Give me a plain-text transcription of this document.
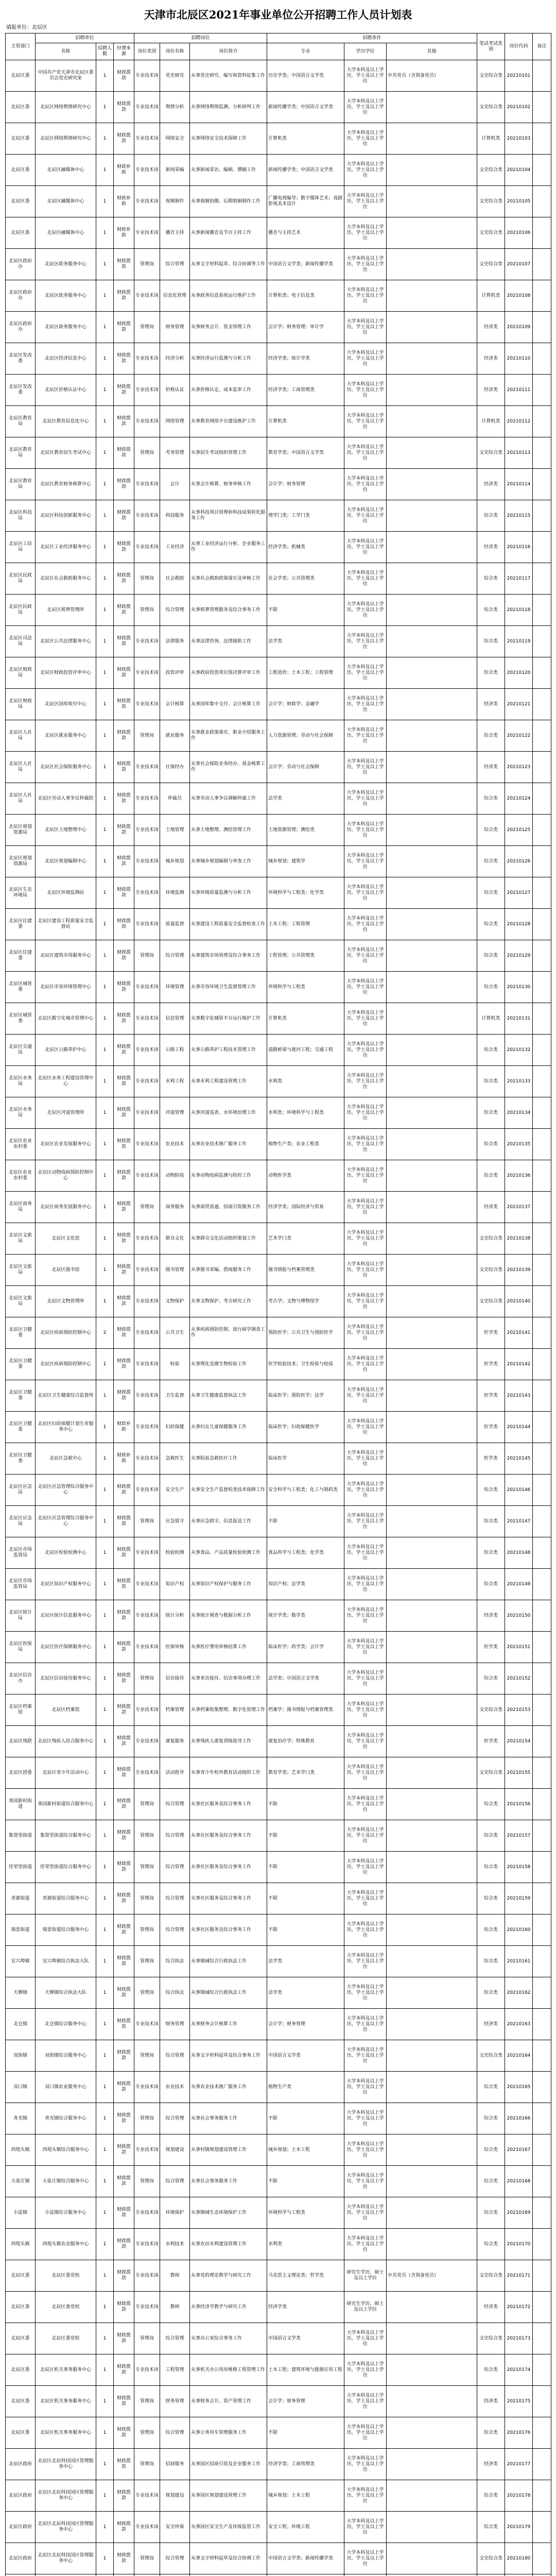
天津市北辰区2021年事业单位公开招聘工作人员计划表
填报单位：北辰区
主管部门	招聘单位			招聘岗位			招聘条件			笔试考试类别	岗位代码	备注
	名称	招聘人数	经费来源	岗位类别	岗位名称	岗位简介	专业	学历学位	其他			
北辰区委	中国共产党天津市北辰区委员会党史研究室	1	财政拨款	专业技术岗	党史研究	从事党史研究、编写和资料征集工作	历史学类；中国语言文学类	大学本科及以上学历，学士及以上学位	中共党员（含预备党员）	文史综合类	20210101	
北辰区委	北辰区网络舆情研究中心	1	财政拨款	专业技术岗	舆情分析	从事网络舆情监测、分析研判工作	新闻传播学类；中国语言文学类	大学本科及以上学历，学士及以上学位		文史综合类	20210102	
北辰区委	北辰区网络舆情研究中心	1	财政拨款	专业技术岗	网络安全	从事网络安全技术保障工作	计算机类	大学本科及以上学历，学士及以上学位		计算机类	20210103	
北辰区委	北辰区融媒体中心	1	财政补助	专业技术岗	新闻采编	从事新闻采访、编辑、撰稿工作	新闻传播学类；中国语言文学类	大学本科及以上学历，学士及以上学位		文史综合类	20210104	
北辰区委	北辰区融媒体中心	1	财政补助	专业技术岗	视频制作	从事视频拍摄、后期剪辑制作工作	广播电视编导；数字媒体艺术；戏剧影视美术设计	大学本科及以上学历，学士及以上学位		文史综合类	20210105	
北辰区委	北辰区融媒体中心	1	财政补助	专业技术岗	播音主持	从事新闻播音及节目主持工作	播音与主持艺术	大学本科及以上学历，学士及以上学位		文史综合类	20210106	
北辰区政府办	北辰区政务服务中心	1	财政拨款	管理岗	综合管理	从事文字材料起草、综合协调等工作	中国语言文学类；新闻传播学类	大学本科及以上学历，学士及以上学位		文史综合类	20210107	
北辰区政府办	北辰区政务服务中心	1	财政拨款	专业技术岗	信息化管理	从事政务信息系统运行维护工作	计算机类；电子信息类	大学本科及以上学历，学士及以上学位		计算机类	20210108	
北辰区政府办	北辰区政务服务中心	1	财政拨款	管理岗	财务管理	从事财务会计、资金管理工作	会计学；财务管理；审计学	大学本科及以上学历，学士及以上学位		经济类	20210109	
北辰区发改委	北辰区经济信息中心	1	财政拨款	专业技术岗	经济分析	从事经济运行监测与分析工作	经济学类；统计学类	大学本科及以上学历，学士及以上学位		经济类	20210110	
北辰区发改委	北辰区价格认证中心	1	财政拨款	专业技术岗	价格认证	从事价格认定、成本监审工作	经济学类；工商管理类	大学本科及以上学历，学士及以上学位		经济类	20210111	
北辰区教育局	北辰区教育信息化中心	1	财政拨款	专业技术岗	网络管理	从事教育网络平台建设维护工作	计算机类	大学本科及以上学历，学士及以上学位		计算机类	20210112	
北辰区教育局	北辰区教育招生考试中心	1	财政拨款	管理岗	考务管理	从事招生考试组织管理工作	教育学类；中国语言文学类	大学本科及以上学历，学士及以上学位		文史综合类	20210113	
北辰区教育局	北辰区教育财务核算中心	1	财政拨款	专业技术岗	会计	从事会计核算、财务审核工作	会计学；财务管理	大学本科及以上学历，学士及以上学位		经济类	20210114	
北辰区科技局	北辰区科技创新服务中心	1	财政拨款	专业技术岗	科技服务	从事科技项目管理和科技成果转化服务工作	理学门类；工学门类	大学本科及以上学历，学士及以上学位		综合类	20210115	
北辰区工信局	北辰区工业经济服务中心	1	财政拨款	专业技术岗	工业经济	从事工业经济运行分析、企业服务工作	经济学类；机械类	大学本科及以上学历，学士及以上学位		经济类	20210116	
北辰区民政局	北辰区社会救助服务中心	1	财政拨款	管理岗	社会救助	从事社会救助政策落实及审核工作	社会学类；公共管理类	大学本科及以上学历，学士及以上学位		综合类	20210117	
北辰区民政局	北辰区殡葬管理所	1	财政拨款	管理岗	综合管理	从事殡葬管理服务及综合事务工作	不限	大学本科及以上学历，学士及以上学位		综合类	20210118	
北辰区司法局	北辰区公共法律服务中心	1	财政拨款	专业技术岗	法律服务	从事法律咨询、法律援助工作	法学类	大学本科及以上学历，学士及以上学位		综合类	20210119	
北辰区财政局	北辰区财政投资评审中心	1	财政拨款	专业技术岗	投资评审	从事政府投资项目预决算评审工作	工程造价；土木工程；工程管理	大学本科及以上学历，学士及以上学位		综合类	20210120	
北辰区财政局	北辰区国库收付中心	1	财政拨款	专业技术岗	会计核算	从事国库集中支付、会计核算工作	会计学；财政学；金融学	大学本科及以上学历，学士及以上学位		经济类	20210121	
北辰区人社局	北辰区就业服务中心	1	财政拨款	管理岗	就业服务	从事就业政策落实、职业介绍服务工作	人力资源管理；劳动与社会保障	大学本科及以上学历，学士及以上学位		综合类	20210122	
北辰区人社局	北辰区社会保险服务中心	1	财政拨款	专业技术岗	社保经办	从事社会保险业务经办、基金核算工作	会计学；劳动与社会保障	大学本科及以上学历，学士及以上学位		经济类	20210123	
北辰区人社局	北辰区劳动人事争议仲裁院	1	财政拨款	专业技术岗	仲裁员	从事劳动人事争议调解仲裁工作	法学类	大学本科及以上学历，学士及以上学位		综合类	20210124	
北辰区规划资源局	北辰区土地整理中心	1	财政拨款	专业技术岗	土地管理	从事土地整理、测绘管理工作	土地资源管理；测绘类	大学本科及以上学历，学士及以上学位		综合类	20210125	
北辰区规划资源局	北辰区规划编制中心	1	财政拨款	专业技术岗	城乡规划	从事城乡规划编制与审查工作	城乡规划；建筑学	大学本科及以上学历，学士及以上学位		综合类	20210126	
北辰区生态环境局	北辰区环境监测站	1	财政拨款	专业技术岗	环境监测	从事环境质量监测与分析工作	环境科学与工程类；化学类	大学本科及以上学历，学士及以上学位		综合类	20210127	
北辰区住建委	北辰区建设工程质量安全监督站	1	财政拨款	专业技术岗	质量监督	从事建设工程质量安全监督检查工作	土木工程；工程管理	大学本科及以上学历，学士及以上学位		综合类	20210128	
北辰区住建委	北辰区建筑市场服务中心	1	财政拨款	管理岗	综合管理	从事建筑市场管理及综合事务工作	工程管理；公共管理类	大学本科及以上学历，学士及以上学位		综合类	20210129	
北辰区城管委	北辰区市容环境管理中心	1	财政拨款	专业技术岗	环境管理	从事市容环境卫生监督管理工作	环境科学与工程类	大学本科及以上学历，学士及以上学位		综合类	20210130	
北辰区城管委	北辰区数字化城市管理中心	1	财政拨款	专业技术岗	信息管理	从事数字化城管平台运行维护工作	计算机类	大学本科及以上学历，学士及以上学位		计算机类	20210131	
北辰区交通局	北辰区公路养护中心	1	财政拨款	专业技术岗	公路工程	从事公路养护工程技术管理工作	道路桥梁与渡河工程；交通工程	大学本科及以上学历，学士及以上学位		综合类	20210132	
北辰区水务局	北辰区水务工程建设管理中心	1	财政拨款	专业技术岗	水利工程	从事水利工程建设管理工作	水利类	大学本科及以上学历，学士及以上学位		综合类	20210133	
北辰区水务局	北辰区河道管理所	1	财政拨款	专业技术岗	河道管理	从事河道巡查、水环境治理工作	水利类；环境科学与工程类	大学本科及以上学历，学士及以上学位		综合类	20210134	
北辰区农业农村委	北辰区农业发展服务中心	1	财政拨款	专业技术岗	农业技术	从事农业技术推广服务工作	植物生产类；农业工程类	大学本科及以上学历，学士及以上学位		综合类	20210135	
北辰区农业农村委	北辰区动物疫病预防控制中心	1	财政拨款	专业技术岗	动物防疫	从事动物疫病监测与防控工作	动物医学类	大学本科及以上学历，学士及以上学位		综合类	20210136	
北辰区商务局	北辰区商务发展服务中心	1	财政拨款	管理岗	商务服务	从事商贸流通、招商引资服务工作	经济学类；国际经济与贸易	大学本科及以上学历，学士及以上学位		经济类	20210137	
北辰区文旅局	北辰区文化馆	1	财政拨款	专业技术岗	群众文化	从事群众文化活动组织策划工作	艺术学门类	大学本科及以上学历，学士及以上学位		文史综合类	20210138	
北辰区文旅局	北辰区图书馆	1	财政拨款	专业技术岗	图书管理	从事图书采编、借阅服务工作	图书情报与档案管理类	大学本科及以上学历，学士及以上学位		文史综合类	20210139	
北辰区文旅局	北辰区文物管理所	1	财政拨款	专业技术岗	文物保护	从事文物保护、考古研究工作	考古学；文物与博物馆学	大学本科及以上学历，学士及以上学位		文史综合类	20210140	
北辰区卫健委	北辰区疾病预防控制中心	2	财政拨款	专业技术岗	公共卫生	从事疾病预防控制、流行病学调查工作	预防医学；公共卫生与预防医学	大学本科及以上学历，学士及以上学位		医学类	20210141	
北辰区卫健委	北辰区疾病预防控制中心	1	财政拨款	专业技术岗	检验	从事理化及微生物检验工作	医学检验技术；卫生检验与检疫	大学本科及以上学历，学士及以上学位		医学类	20210142	
北辰区卫健委	北辰区卫生健康综合监督所	1	财政拨款	专业技术岗	卫生监督	从事卫生健康监督执法工作	临床医学；预防医学；法学	大学本科及以上学历，学士及以上学位		医学类	20210143	
北辰区卫健委	北辰区妇幼保健计划生育服务中心	1	财政补助	专业技术岗	妇幼保健	从事妇女儿童保健服务工作	临床医学；妇幼保健医学	大学本科及以上学历，学士及以上学位		医学类	20210144	
北辰区卫健委	北辰区急救中心	1	财政补助	专业技术岗	急救医生	从事院前急救医疗工作	临床医学	大学本科及以上学历，学士及以上学位		医学类	20210145	
北辰区应急局	北辰区应急管理综合服务中心	1	财政拨款	专业技术岗	安全生产	从事安全生产监督检查技术保障工作	安全科学与工程类；化工与制药类	大学本科及以上学历，学士及以上学位		综合类	20210146	
北辰区应急局	北辰区应急管理综合服务中心	1	财政拨款	管理岗	应急值守	从事应急值守、信息报送工作	不限	大学本科及以上学历，学士及以上学位		综合类	20210147	
北辰区市场监管局	北辰区检验检测中心	1	财政拨款	专业技术岗	检验检测	从事食品、产品质量检验检测工作	食品科学与工程类；化学类	大学本科及以上学历，学士及以上学位		综合类	20210148	
北辰区市场监管局	北辰区知识产权服务中心	1	财政拨款	专业技术岗	知识产权	从事知识产权保护与服务工作	知识产权；法学类	大学本科及以上学历，学士及以上学位		综合类	20210149	
北辰区统计局	北辰区统计信息服务中心	1	财政拨款	专业技术岗	统计分析	从事统计调查与数据分析工作	统计学类；数学类	大学本科及以上学历，学士及以上学位		经济类	20210150	
北辰区医保局	北辰区医疗保障服务中心	1	财政拨款	专业技术岗	医保审核	从事医疗费用审核结算工作	临床医学；药学类；会计学	大学本科及以上学历，学士及以上学位		医学类	20210151	
北辰区信访办	北辰区信访接待服务中心	1	财政拨款	管理岗	信访接待	从事来访接待、信访事项办理工作	法学类；中国语言文学类	大学本科及以上学历，学士及以上学位		综合类	20210152	
北辰区档案馆	北辰区档案馆	1	财政拨款	专业技术岗	档案管理	从事档案收集整理、数字化管理工作	档案学；图书情报与档案管理类	大学本科及以上学历，学士及以上学位		文史综合类	20210153	
北辰区残联	北辰区残疾人综合服务中心	1	财政拨款	专业技术岗	康复服务	从事残疾人康复训练指导工作	康复治疗学；特殊教育	大学本科及以上学历，学士及以上学位		医学类	20210154	
北辰区团委	北辰区青少年活动中心	1	财政拨款	专业技术岗	活动指导	从事青少年校外教育活动组织工作	教育学类；艺术学门类	大学本科及以上学历，学士及以上学位		文史综合类	20210155	
果园新村街道	果园新村街道综合服务中心	1	财政拨款	管理岗	综合管理	从事社区服务及综合事务工作	不限	大学本科及以上学历，学士及以上学位		综合类	20210156	
集贤里街道	集贤里街道综合服务中心	1	财政拨款	管理岗	综合管理	从事社区服务及综合事务工作	不限	大学本科及以上学历，学士及以上学位		综合类	20210157	
佳荣里街道	佳荣里街道综合服务中心	1	财政拨款	管理岗	综合管理	从事社区服务及综合事务工作	不限	大学本科及以上学历，学士及以上学位		综合类	20210158	
青源街道	青源街道综合服务中心	1	财政拨款	管理岗	综合管理	从事社区服务及综合事务工作	不限	大学本科及以上学历，学士及以上学位		综合类	20210159	
瑞景街道	瑞景街道综合服务中心	1	财政拨款	管理岗	综合管理	从事社区服务及综合事务工作	不限	大学本科及以上学历，学士及以上学位		综合类	20210160	
宜兴埠镇	宜兴埠镇综合执法大队	1	财政拨款	管理岗	综合执法	从事镇域综合行政执法工作	法学类	大学本科及以上学历，学士及以上学位		综合类	20210161	
天穆镇	天穆镇综合执法大队	1	财政拨款	管理岗	综合执法	从事镇域综合行政执法工作	法学类	大学本科及以上学历，学士及以上学位		综合类	20210162	
北仓镇	北仓镇综合服务中心	1	财政拨款	专业技术岗	财务管理	从事财务会计核算工作	会计学；财务管理	大学本科及以上学历，学士及以上学位		经济类	20210163	
双街镇	双街镇综合服务中心	1	财政拨款	管理岗	综合管理	从事文字材料起草及综合事务工作	中国语言文学类	大学本科及以上学历，学士及以上学位		文史综合类	20210164	
双口镇	双口镇农业服务中心	1	财政拨款	专业技术岗	农业技术	从事农业技术推广服务工作	植物生产类	大学本科及以上学历，学士及以上学位		综合类	20210165	
青光镇	青光镇综合服务中心	1	财政拨款	管理岗	综合管理	从事社会事务服务工作	不限	大学本科及以上学历，学士及以上学位		综合类	20210166	
西堤头镇	西堤头镇综合服务中心	1	财政拨款	专业技术岗	规划建设	从事村镇规划建设管理工作	城乡规划；土木工程	大学本科及以上学历，学士及以上学位		综合类	20210167	
大张庄镇	大张庄镇综合服务中心	1	财政拨款	管理岗	综合管理	从事社会事务服务工作	不限	大学本科及以上学历，学士及以上学位		综合类	20210168	
小淀镇	小淀镇综合服务中心	1	财政拨款	专业技术岗	环境保护	从事镇域生态环境保护工作	环境科学与工程类	大学本科及以上学历，学士及以上学位		综合类	20210169	
西堤头镇	西堤头镇农业服务中心	1	财政拨款	专业技术岗	水利技术	从事农田水利建设管理工作	水利类	大学本科及以上学历，学士及以上学位		综合类	20210170	
北辰区委	北辰区委党校	1	财政拨款	专业技术岗	教师	从事党的理论教学与研究工作	马克思主义理论类；哲学类	研究生学历，硕士及以上学位	中共党员（含预备党员）	文史综合类	20210171	
北辰区委	北辰区委党校	1	财政拨款	专业技术岗	教师	从事经济学教学与研究工作	经济学类	研究生学历，硕士及以上学位		经济类	20210172	
北辰区委	北辰区委党校	1	财政拨款	管理岗	综合管理	从事办公室综合事务工作	中国语言文学类	大学本科及以上学历，学士及以上学位		文史综合类	20210173	
北辰区委	北辰区机关事务服务中心	1	财政拨款	专业技术岗	工程管理	从事机关办公用房维修工程管理工作	土木工程；建筑环境与能源应用工程	大学本科及以上学历，学士及以上学位		综合类	20210174	
北辰区委	北辰区机关事务服务中心	1	财政拨款	管理岗	财务管理	从事财务会计、资产管理工作	会计学；财务管理	大学本科及以上学历，学士及以上学位		经济类	20210175	
北辰区委	北辰区机关事务服务中心	1	财政拨款	管理岗	综合管理	从事公务用车管理服务工作	不限	大学本科及以上学历，学士及以上学位		综合类	20210176	
北辰区政府	北辰区北辰科技园区管理服务中心	1	财政拨款	管理岗	招商服务	从事园区招商引资及企业服务工作	经济学类；工商管理类	大学本科及以上学历，学士及以上学位		经济类	20210177	
北辰区政府	北辰区北辰科技园区管理服务中心	1	财政拨款	专业技术岗	规划建设	从事园区规划建设管理工作	城乡规划；土木工程	大学本科及以上学历，学士及以上学位		综合类	20210178	
北辰区政府	北辰区北辰科技园区管理服务中心	1	财政拨款	专业技术岗	安全环保	从事园区安全生产及环保监管工作	安全工程；环境工程	大学本科及以上学历，学士及以上学位		综合类	20210179	
北辰区政府	北辰区北辰科技园区管理服务中心	1	财政拨款	管理岗	综合管理	从事文字材料起草及综合协调工作	中国语言文学类；新闻传播学类	大学本科及以上学历，学士及以上学位		文史综合类	20210180	
